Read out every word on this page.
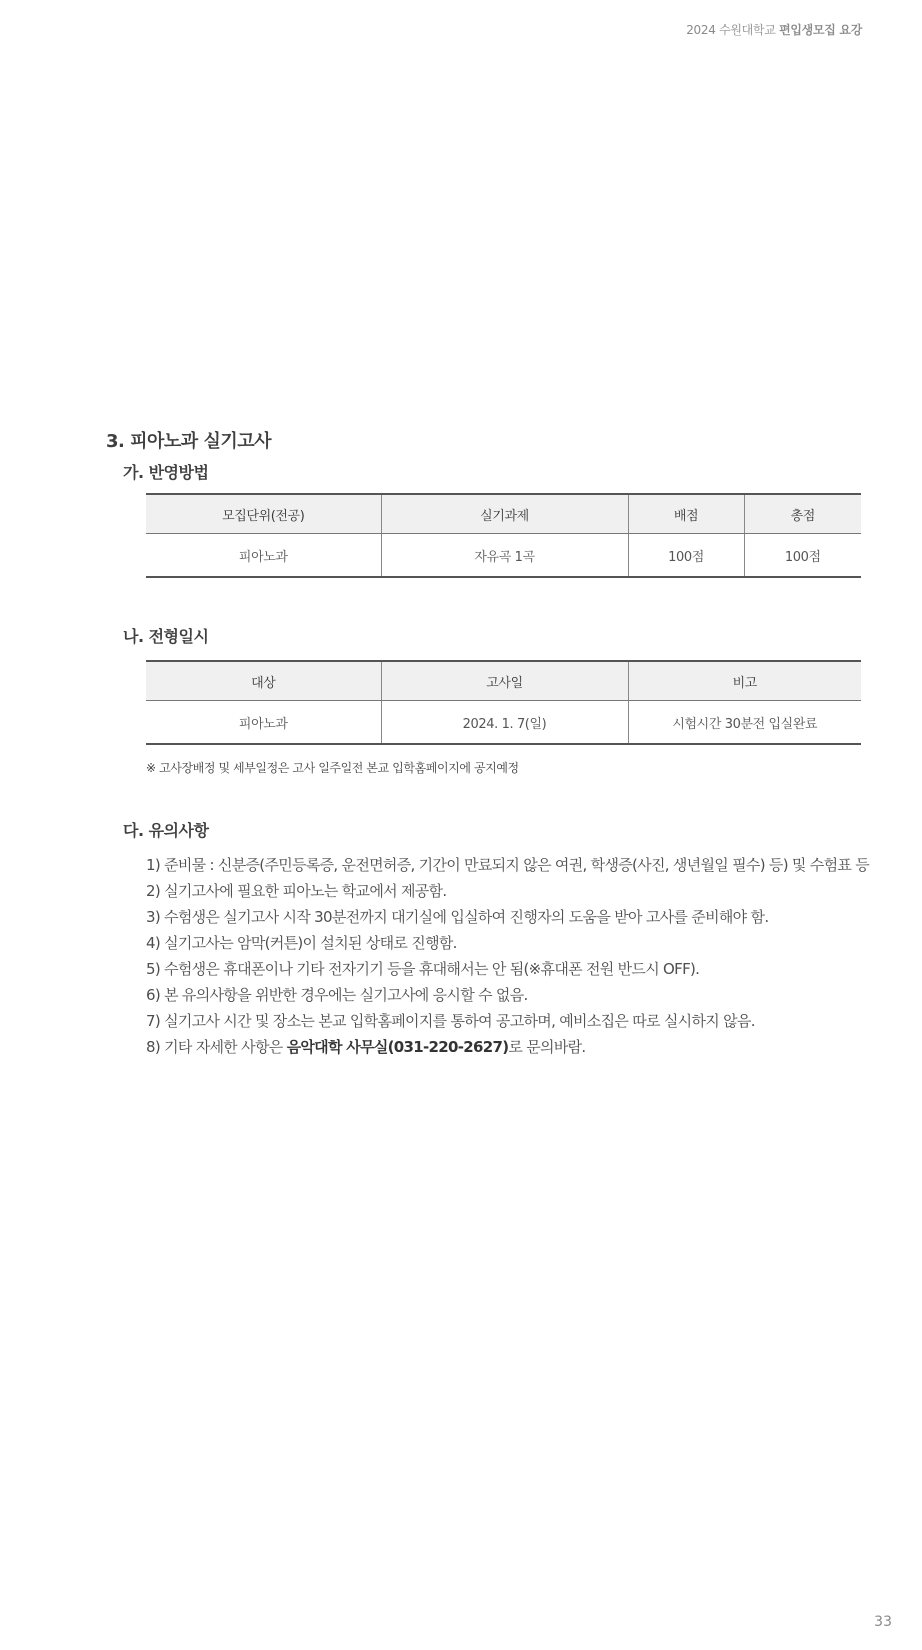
2024 수원대학교 편입생모집 요강
3. 피아노과 실기고사
가. 반영방법
모집단위(전공)	실기과제	배점	총점
피아노과	자유곡 1곡	100점	100점
나. 전형일시
대상	고사일	비고
피아노과	2024. 1. 7(일)	시험시간 30분전 입실완료
※ 고사장배정 및 세부일정은 고사 일주일전 본교 입학홈페이지에 공지예정
다. 유의사항
1) 준비물 : 신분증(주민등록증, 운전면허증, 기간이 만료되지 않은 여권, 학생증(사진, 생년월일 필수) 등) 및 수험표 등
2) 실기고사에 필요한 피아노는 학교에서 제공함.
3) 수험생은 실기고사 시작 30분전까지 대기실에 입실하여 진행자의 도움을 받아 고사를 준비해야 함.
4) 실기고사는 암막(커튼)이 설치된 상태로 진행함.
5) 수험생은 휴대폰이나 기타 전자기기 등을 휴대해서는 안 됨(※휴대폰 전원 반드시 OFF).
6) 본 유의사항을 위반한 경우에는 실기고사에 응시할 수 없음.
7) 실기고사 시간 및 장소는 본교 입학홈페이지를 통하여 공고하며, 예비소집은 따로 실시하지 않음.
8) 기타 자세한 사항은 음악대학 사무실(031-220-2627)로 문의바람.
33
